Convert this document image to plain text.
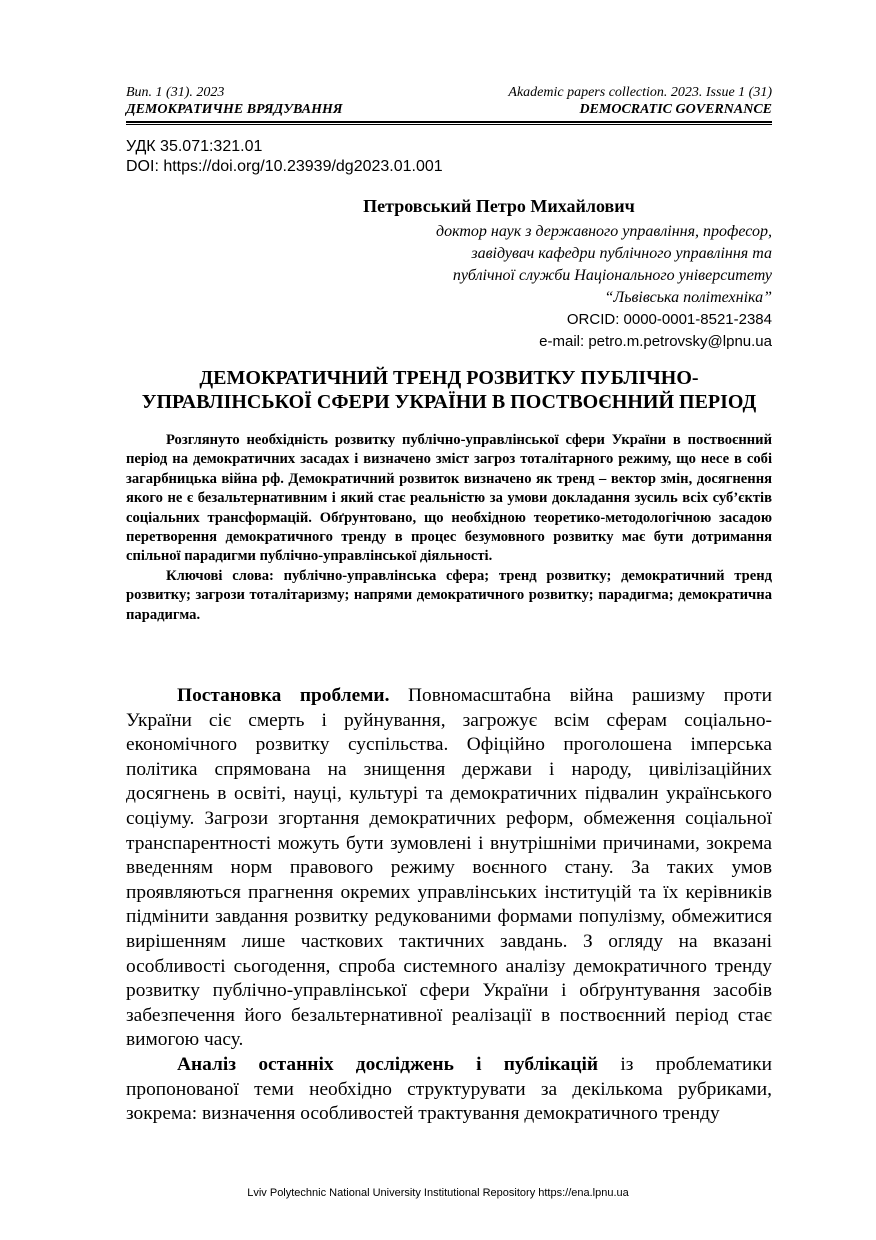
Вип. 1 (31). 2023
ДЕМОКРАТИЧНЕ ВРЯДУВАННЯ
Akademic papers collection. 2023. Issue 1 (31)
DEMOCRATIC GOVERNANCE
УДК 35.071:321.01
DOI: https://doi.org/10.23939/dg2023.01.001
Петровський Петро Михайлович
доктор наук з державного управління, професор,
завідувач кафедри публічного управління та
публічної служби Національного університету
“Львівська політехніка”
ORCID: 0000-0001-8521-2384
e-mail: petro.m.petrovsky@lpnu.ua
ДЕМОКРАТИЧНИЙ ТРЕНД РОЗВИТКУ ПУБЛІЧНО-
УПРАВЛІНСЬКОЇ СФЕРИ УКРАЇНИ В ПОСТВОЄННИЙ ПЕРІОД

Розглянуто необхідність розвитку публічно-управлінської сфери України в поствоєнний період на демократичних засадах і визначено зміст загроз тоталітарного режиму, що несе в собі загарбницька війна рф. Демократичний розвиток визначено як тренд – вектор змін, досягнення якого не є безальтернативним і який стає реальністю за умови докладання зусиль всіх суб’єктів соціальних трансформацій. Обґрунтовано, що необхідною теоретико-методологічною засадою перетворення демократичного тренду в процес безумовного розвитку має бути дотримання спільної парадигми публічно-управлінської діяльності.

Ключові слова: публічно-управлінська сфера; тренд розвитку; демократичний тренд розвитку; загрози тоталітаризму; напрями демократичного розвитку; парадигма; демократична парадигма.

Постановка проблеми. Повномасштабна війна рашизму проти України сіє смерть і руйнування, загрожує всім сферам соціально-економічного розвитку суспільства. Офіційно проголошена імперська політика спрямована на знищення держави і народу, цивілізаційних досягнень в освіті, науці, культурі та демократичних підвалин українського соціуму. Загрози згортання демократичних реформ, обмеження соціальної транспарентності можуть бути зумовлені і внутрішніми причинами, зокрема введенням норм правового режиму воєнного стану. За таких умов проявляються прагнення окремих управлінських інституцій та їх керівників підмінити завдання розвитку редукованими формами популізму, обмежитися вирішенням лише часткових тактичних завдань. З огляду на вказані особливості сьогодення, спроба системного аналізу демократичного тренду розвитку публічно-управлінської сфери України і обґрунтування засобів забезпечення його безальтернативної реалізації в поствоєнний період стає вимогою часу.

Аналіз останніх досліджень і публікацій із проблематики пропонованої теми необхідно структурувати за декількома рубриками, зокрема: визначення особливостей трактування демократичного тренду

Lviv Polytechnic National University Institutional Repository https://ena.lpnu.ua
